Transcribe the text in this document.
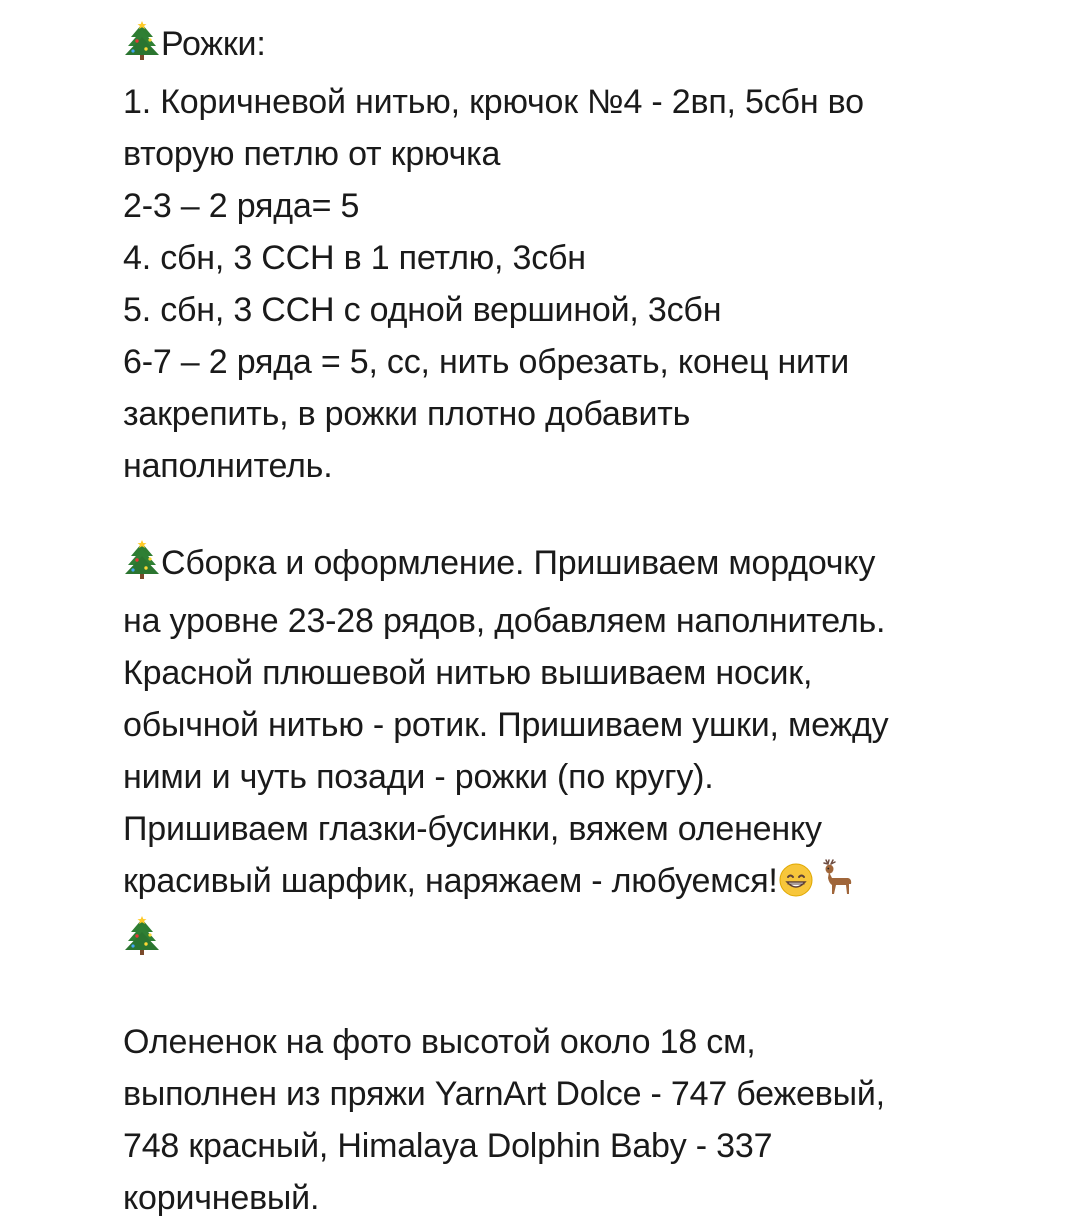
Рожки:
1. Коричневой нитью, крючок №4 - 2вп, 5сбн во
вторую петлю от крючка
2-3 – 2 ряда= 5
4. сбн, 3 ССН в 1 петлю, 3сбн
5. сбн, 3 ССН с одной вершиной, 3сбн
6-7 – 2 ряда = 5, сс, нить обрезать, конец нити
закрепить, в рожки плотно добавить
наполнитель.
Сборка и оформление. Пришиваем мордочку
на уровне 23-28 рядов, добавляем наполнитель.
Красной плюшевой нитью вышиваем носик,
обычной нитью - ротик. Пришиваем ушки, между
ними и чуть позади - рожки (по кругу).
Пришиваем глазки-бусинки, вяжем олененку
красивый шарфик, наряжаем - любуемся!
Олененок на фото высотой около 18 см,
выполнен из пряжи YarnArt Dolce - 747 бежевый,
748 красный, Himalaya Dolphin Baby - 337
коричневый.
